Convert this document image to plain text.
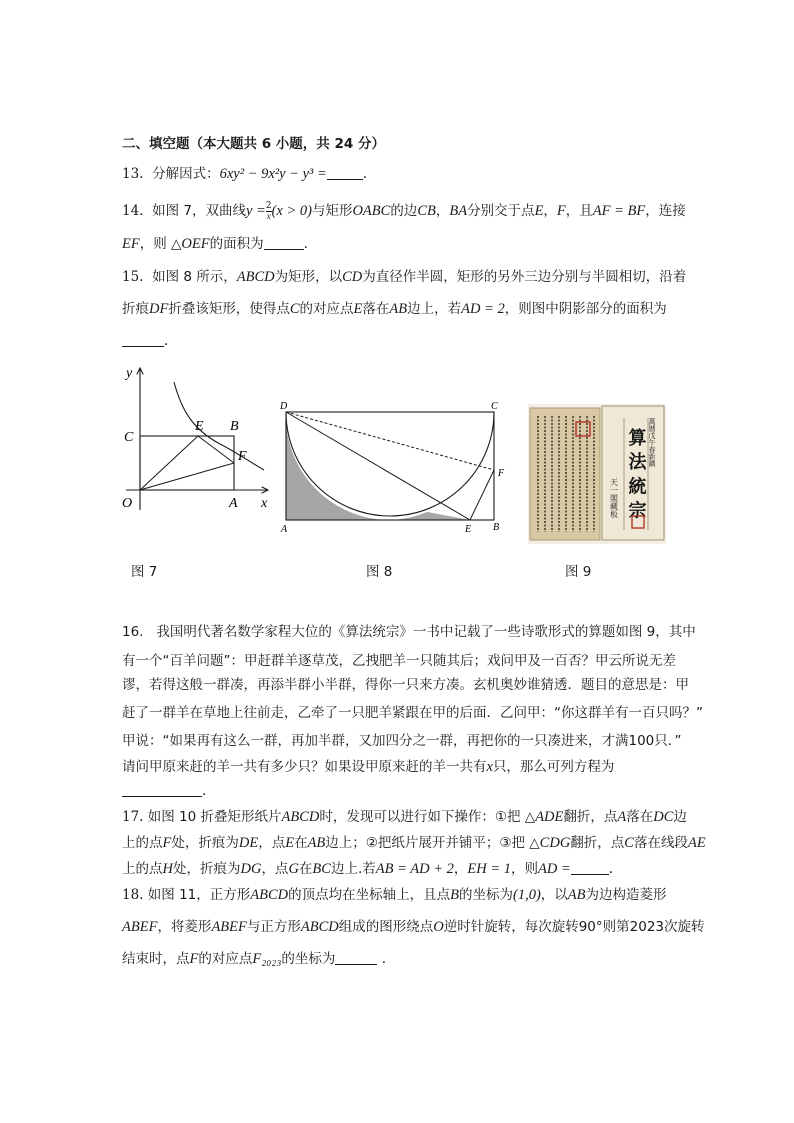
二、填空题（本大题共 6 小题，共 24 分）
13. 分解因式：6xy² − 9x²y − y³ =	.
14. 如图 7，双曲线$y = \frac{2}{x} (x > 0)$与矩形OABC的边CB，BA分别交于点E，F，且AF = BF，连接
EF，则 △OEF的面积为	.
15. 如图 8 所示，ABCD为矩形，以CD为直径作半圆，矩形的另外三边分别与半圆相切，沿着
折痕DF折叠该矩形，使得点C的对应点E落在AB边上，若AD = 2，则图中阴影部分的面积为
.
y
x
O	A
B
C
E
F
D	C
A	B
E
F
萬曆戊午春新鐫
算 法 統 宗
天一閣藏板
图 7	图 8	图 9
16. 我国明代著名数学家程大位的《算法统宗》一书中记载了一些诗歌形式的算题如图 9，其中
有一个“百羊问题”：甲赶群羊逐草茂，乙拽肥羊一只随其后；戏问甲及一百否？甲云所说无差
谬，若得这般一群凑，再添半群小半群，得你一只来方凑。玄机奥妙谁猜透．题目的意思是：甲
赶了一群羊在草地上往前走，乙牵了一只肥羊紧跟在甲的后面．乙问甲：“你这群羊有一百只吗？”
甲说：“如果再有这么一群，再加半群，又加四分之一群，再把你的一只凑进来，才满100只．”
请问甲原来赶的羊一共有多少只？如果设甲原来赶的羊一共有x只，那么可列方程为
.
17. 如图 10 折叠矩形纸片ABCD时，发现可以进行如下操作：①把 △ADE翻折，点A落在DC边
上的点F处，折痕为DE，点E在AB边上；②把纸片展开并铺平；③把 △CDG翻折，点C落在线段AE
上的点H处，折痕为DG，点G在BC边上.若AB = AD + 2，EH = 1，则AD =	.
18. 如图 11，正方形ABCD的顶点均在坐标轴上，且点B的坐标为(1,0)，以AB为边构造菱形
ABEF，将菱形ABEF与正方形ABCD组成的图形绕点O逆时针旋转，每次旋转90°则第2023次旋转
结束时，点F的对应点F₂₀₂₃的坐标为	.
